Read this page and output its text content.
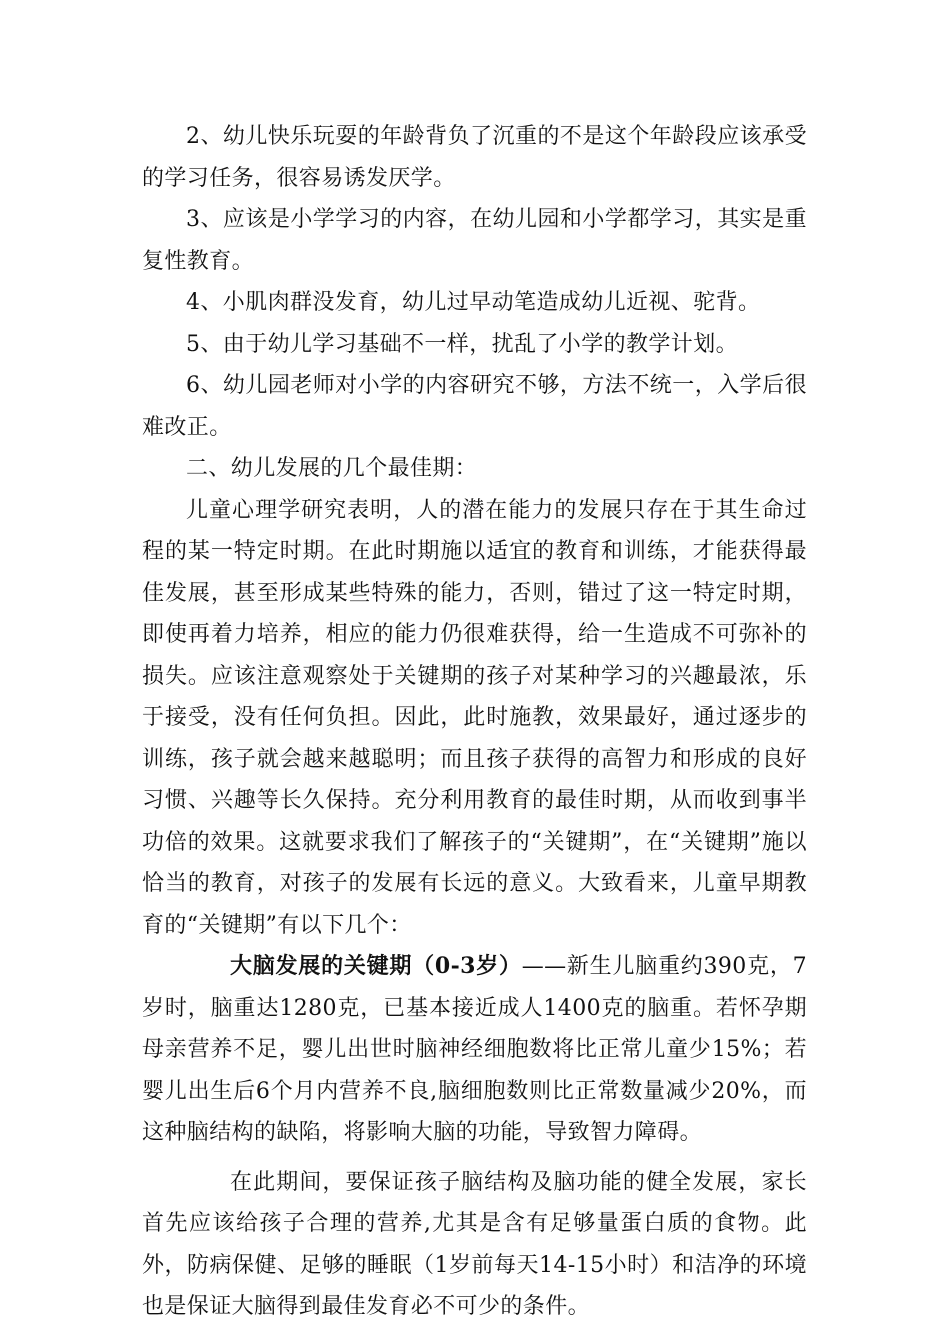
2、幼儿快乐玩耍的年龄背负了沉重的不是这个年龄段应该承受的学习任务，很容易诱发厌学。

3、应该是小学学习的内容，在幼儿园和小学都学习，其实是重复性教育。

4、小肌肉群没发育，幼儿过早动笔造成幼儿近视、驼背。

5、由于幼儿学习基础不一样，扰乱了小学的教学计划。

6、幼儿园老师对小学的内容研究不够，方法不统一，入学后很难改正。

二、幼儿发展的几个最佳期：

儿童心理学研究表明，人的潜在能力的发展只存在于其生命过程的某一特定时期。在此时期施以适宜的教育和训练，才能获得最佳发展，甚至形成某些特殊的能力，否则，错过了这一特定时期，即使再着力培养，相应的能力仍很难获得，给一生造成不可弥补的损失。应该注意观察处于关键期的孩子对某种学习的兴趣最浓，乐于接受，没有任何负担。因此，此时施教，效果最好，通过逐步的训练，孩子就会越来越聪明；而且孩子获得的高智力和形成的良好习惯、兴趣等长久保持。充分利用教育的最佳时期，从而收到事半功倍的效果。这就要求我们了解孩子的“关键期”，在“关键期”施以恰当的教育，对孩子的发展有长远的意义。大致看来，儿童早期教育的“关键期”有以下几个：

大脑发展的关键期（0-3岁）——新生儿脑重约390克，7岁时，脑重达1280克，已基本接近成人1400克的脑重。若怀孕期母亲营养不足，婴儿出世时脑神经细胞数将比正常儿童少15%；若婴儿出生后6个月内营养不良,脑细胞数则比正常数量减少20%，而这种脑结构的缺陷，将影响大脑的功能，导致智力障碍。

在此期间，要保证孩子脑结构及脑功能的健全发展，家长首先应该给孩子合理的营养,尤其是含有足够量蛋白质的食物。此外，防病保健、足够的睡眠（1岁前每天14-15小时）和洁净的环境也是保证大脑得到最佳发育必不可少的条件。
